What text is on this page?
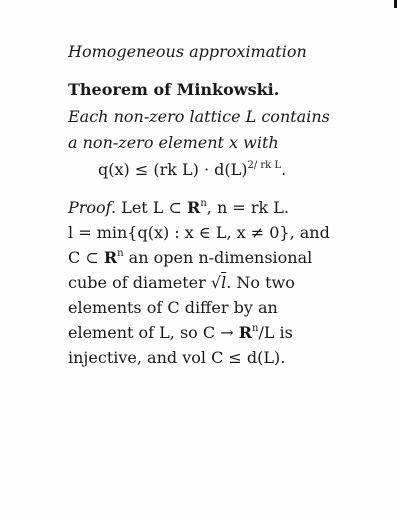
Homogeneous approximation
Theorem of Minkowski.
Each non-zero lattice L contains
a non-zero element x with
q(x) ≤ (rk $L) \cdot d(L)^{2/ rk L}$.
Proof. Let L ⊂ $R^n$, n = rk L.
l = min{q(x) : x ∈ L, x ≠ 0}, and
C ⊂ $R^n$ an open n-dimensional
cube of diameter √l. No two
elements of C differ by an
element of L, so $C \to R^n/L$ is
injective, and vol C ≤ d(L).
